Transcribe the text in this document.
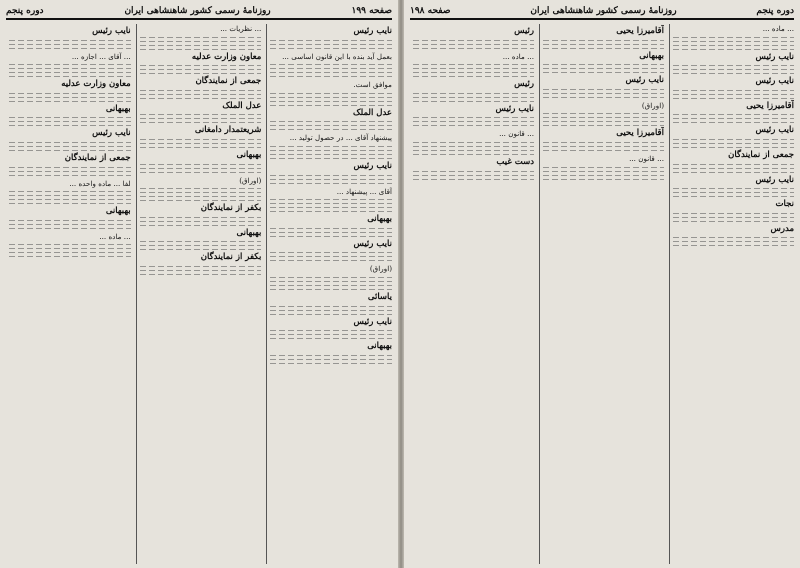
صفحه ۱۹۹
روزنامهٔ رسمی کشور شاهنشاهی ایران
دوره پنجم
نایب رئیس

بعمل آید بنده با این قانون اساسی ...

موافق است.

عدل الملک

پیشنهاد آقای ... در حصول تولید ...

نایب رئیس

آقای ... پیشنهاد ...

بهبهانی
نایب رئیس

(اوراق)

یاسائی
نایب رئیس
بهبهانی

... نظریات ...

معاون وزارت عدلیه
جمعی از نمایندگان
عدل الملک
شریعتمدار دامغانی
بهبهانی

(اوراق)

بکفر از نمایندگان
بهبهانی
بکفر از نمایندگان
نایب رئیس

... آقای ... اجازه ...

معاون وزارت عدلیه
بهبهانی
نایب رئیس
جمعی از نمایندگان

لفا ... ماده واحده ...

بهبهانی

... ماده ...

دوره پنجم
روزنامهٔ رسمی کشور شاهنشاهی ایران
صفحه ۱۹۸

... ماده ...

نایب رئیس
نایب رئیس
آقامیرزا یحیی
نایب رئیس
جمعی از نمایندگان
نایب رئیس
نجات
مدرس
آقامیرزا یحیی
بهبهانی
نایب رئیس

(اوراق)

آقامیرزا یحیی

... قانون ...

رئیس

... ماده ...

رئیس
نایب رئیس

... قانون ...

دست غیب
